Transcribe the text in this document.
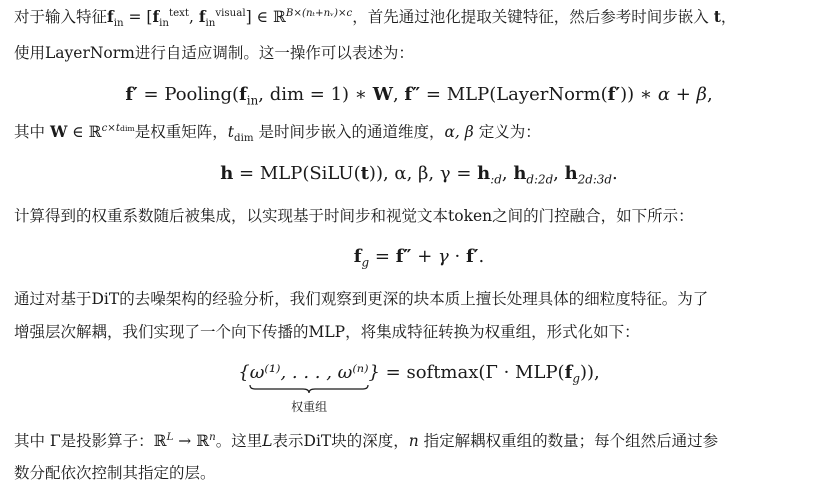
对于输入特征$f_{in} = [f_{in}^{text}$, $f_{in}^{visual}$] ∈ ℝ$^{B\times(n_t+nᵥ)\times c}$，首先通过池化提取关键特征，然后参考时间步嵌入 t，
使用LayerNorm进行自适应调制。这一操作可以表述为：
$f' = Pooling(f_{in}$, dim = 1) ∗ W, f″ = MLP(LayerNorm(f′)) ∗ α + β,
其中 W ∈ ℝ$^{c\times tdim}$是权重矩阵，$t_{dim}$ 是时间步嵌入的通道维度，α, β 定义为：
h = MLP(SiLU(t)), α, β, $\gamma = h_{:d}$, $h_{d:2d}$, $h_{2d:3d}$.
计算得到的权重系数随后被集成，以实现基于时间步和视觉文本token之间的门控融合，如下所示：
$f_g = f'' + \gamma \cdot f'$.
通过对基于DiT的去噪架构的经验分析，我们观察到更深的块本质上擅长处理具体的细粒度特征。为了
增强层次解耦，我们实现了一个向下传播的MLP，将集成特征转换为权重组，形式化如下：
{ω⁽¹⁾, . . . , ω⁽ⁿ⁾}
权重组
= softmax(Γ · $MLP(f_g)$),
其中 Γ是投影算子：ℝ$^L$ → ℝ$^n$。这里L表示DiT块的深度，n 指定解耦权重组的数量；每个组然后通过参
数分配依次控制其指定的层。
